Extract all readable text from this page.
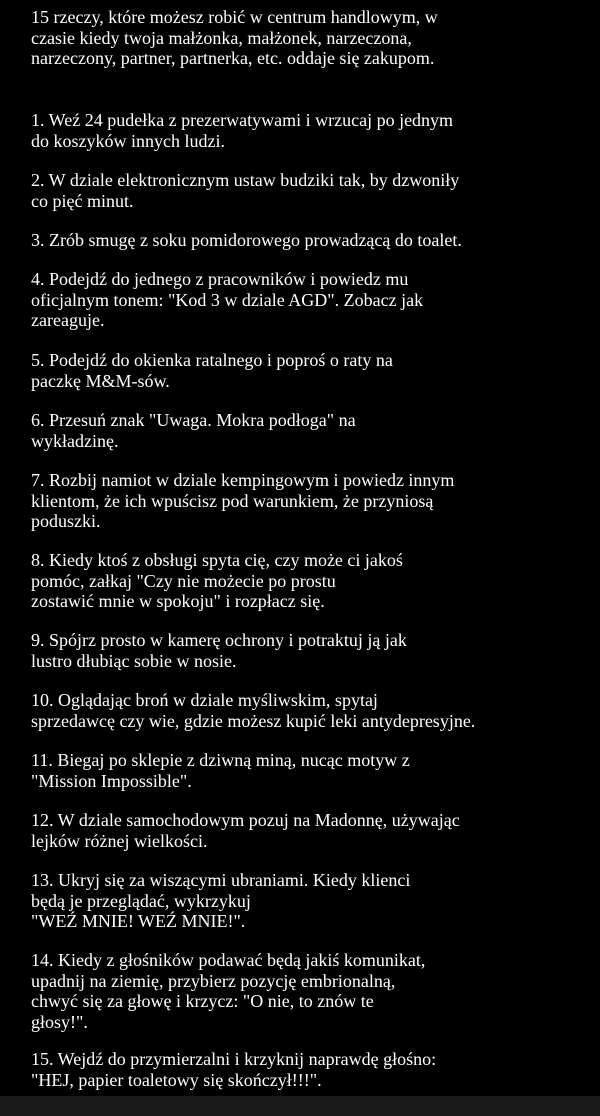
15 rzeczy, które możesz robić w centrum handlowym, w
czasie kiedy twoja małżonka, małżonek, narzeczona,
narzeczony, partner, partnerka, etc. oddaje się zakupom.
1. Weź 24 pudełka z prezerwatywami i wrzucaj po jednym
do koszyków innych ludzi.
2. W dziale elektronicznym ustaw budziki tak, by dzwoniły
co pięć minut.
3. Zrób smugę z soku pomidorowego prowadzącą do toalet.
4. Podejdź do jednego z pracowników i powiedz mu
oficjalnym tonem: "Kod 3 w dziale AGD". Zobacz jak
zareaguje.
5. Podejdź do okienka ratalnego i poproś o raty na
paczkę M&M-sów.
6. Przesuń znak "Uwaga. Mokra podłoga" na
wykładzinę.
7. Rozbij namiot w dziale kempingowym i powiedz innym
klientom, że ich wpuścisz pod warunkiem, że przyniosą
poduszki.
8. Kiedy ktoś z obsługi spyta cię, czy może ci jakoś
pomóc, załkaj "Czy nie możecie po prostu
zostawić mnie w spokoju" i rozpłacz się.
9. Spójrz prosto w kamerę ochrony i potraktuj ją jak
lustro dłubiąc sobie w nosie.
10. Oglądając broń w dziale myśliwskim, spytaj
sprzedawcę czy wie, gdzie możesz kupić leki antydepresyjne.
11. Biegaj po sklepie z dziwną miną, nucąc motyw z
"Mission Impossible".
12. W dziale samochodowym pozuj na Madonnę, używając
lejków różnej wielkości.
13. Ukryj się za wiszącymi ubraniami. Kiedy klienci
będą je przeglądać, wykrzykuj
"WEŹ MNIE! WEŹ MNIE!".
14. Kiedy z głośników podawać będą jakiś komunikat,
upadnij na ziemię, przybierz pozycję embrionalną,
chwyć się za głowę i krzycz: "O nie, to znów te
głosy!".
15. Wejdź do przymierzalni i krzyknij naprawdę głośno:
"HEJ, papier toaletowy się skończył!!!".
